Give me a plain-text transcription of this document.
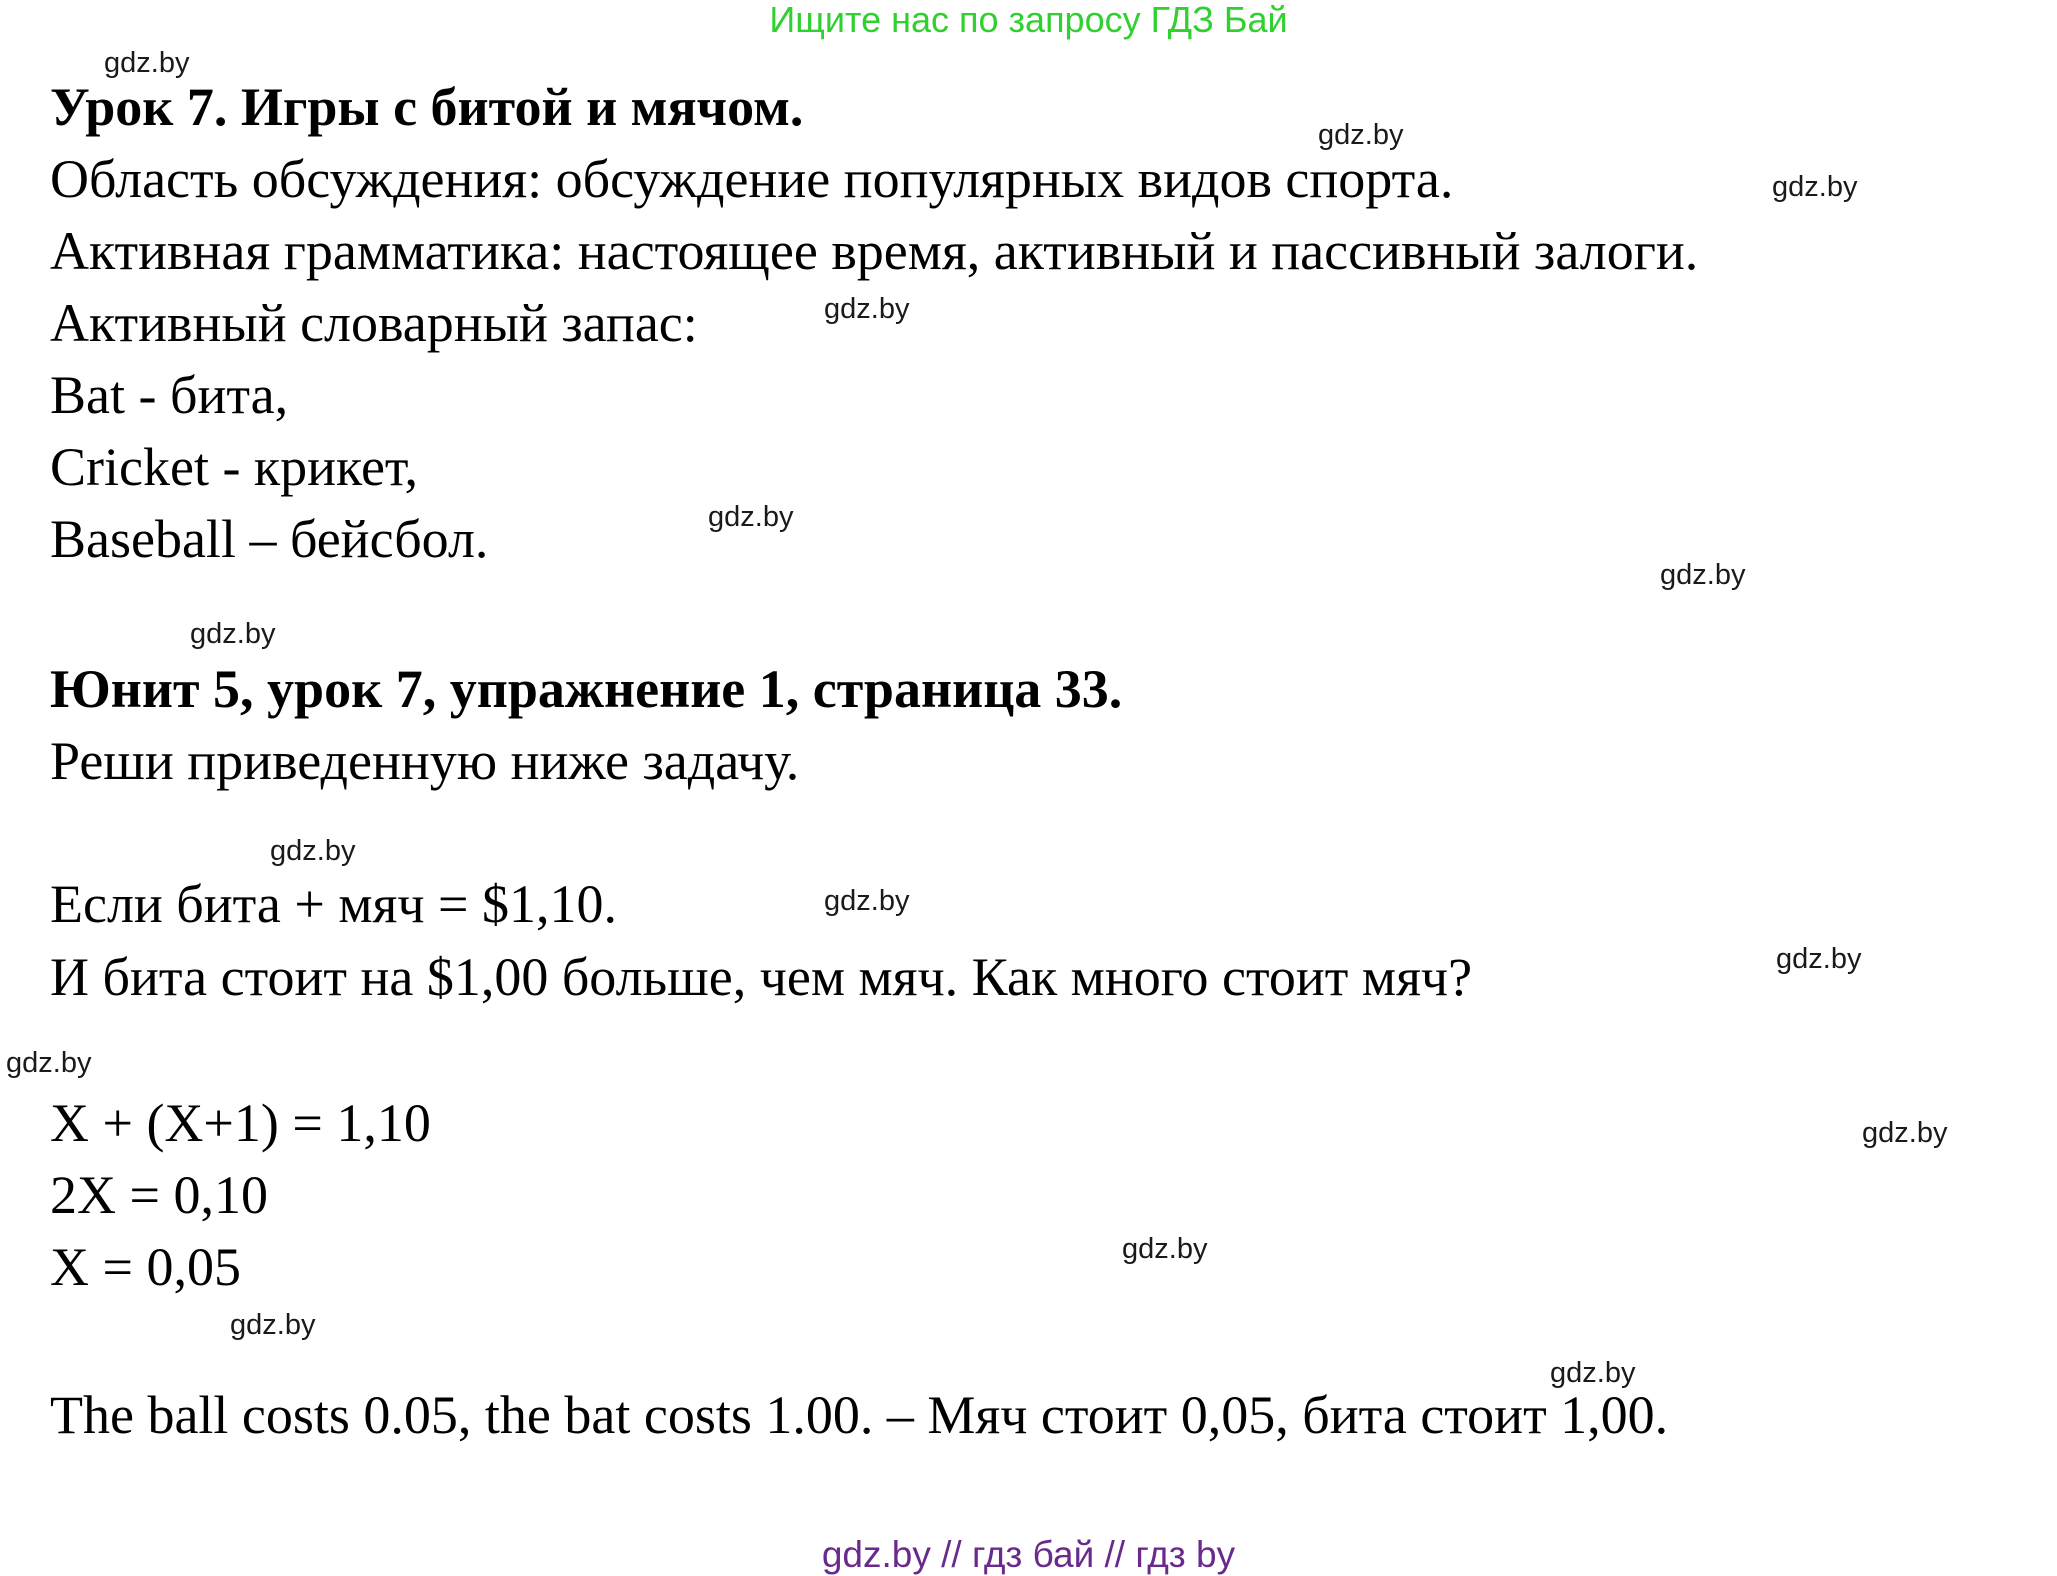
Ищите нас по запросу ГДЗ Бай
Урок 7. Игры с битой и мячом.
Область обсуждения: обсуждение популярных видов спорта.
Активная грамматика: настоящее время, активный и пассивный залоги.
Активный словарный запас:
Bat - бита,
Cricket - крикет,
Baseball – бейсбол.
Юнит 5, урок 7, упражнение 1, страница 33.
Реши приведенную ниже задачу.
Если бита + мяч = $1,10.
И бита стоит на $1,00 больше, чем мяч. Как много стоит мяч?
X + (X+1) = 1,10
2X = 0,10
X = 0,05
The ball costs 0.05, the bat costs 1.00. – Мяч стоит 0,05, бита стоит 1,00.
gdz.by
gdz.by
gdz.by
gdz.by
gdz.by
gdz.by
gdz.by
gdz.by
gdz.by
gdz.by
gdz.by
gdz.by
gdz.by
gdz.by
gdz.by
gdz.by // гдз бай // гдз by
